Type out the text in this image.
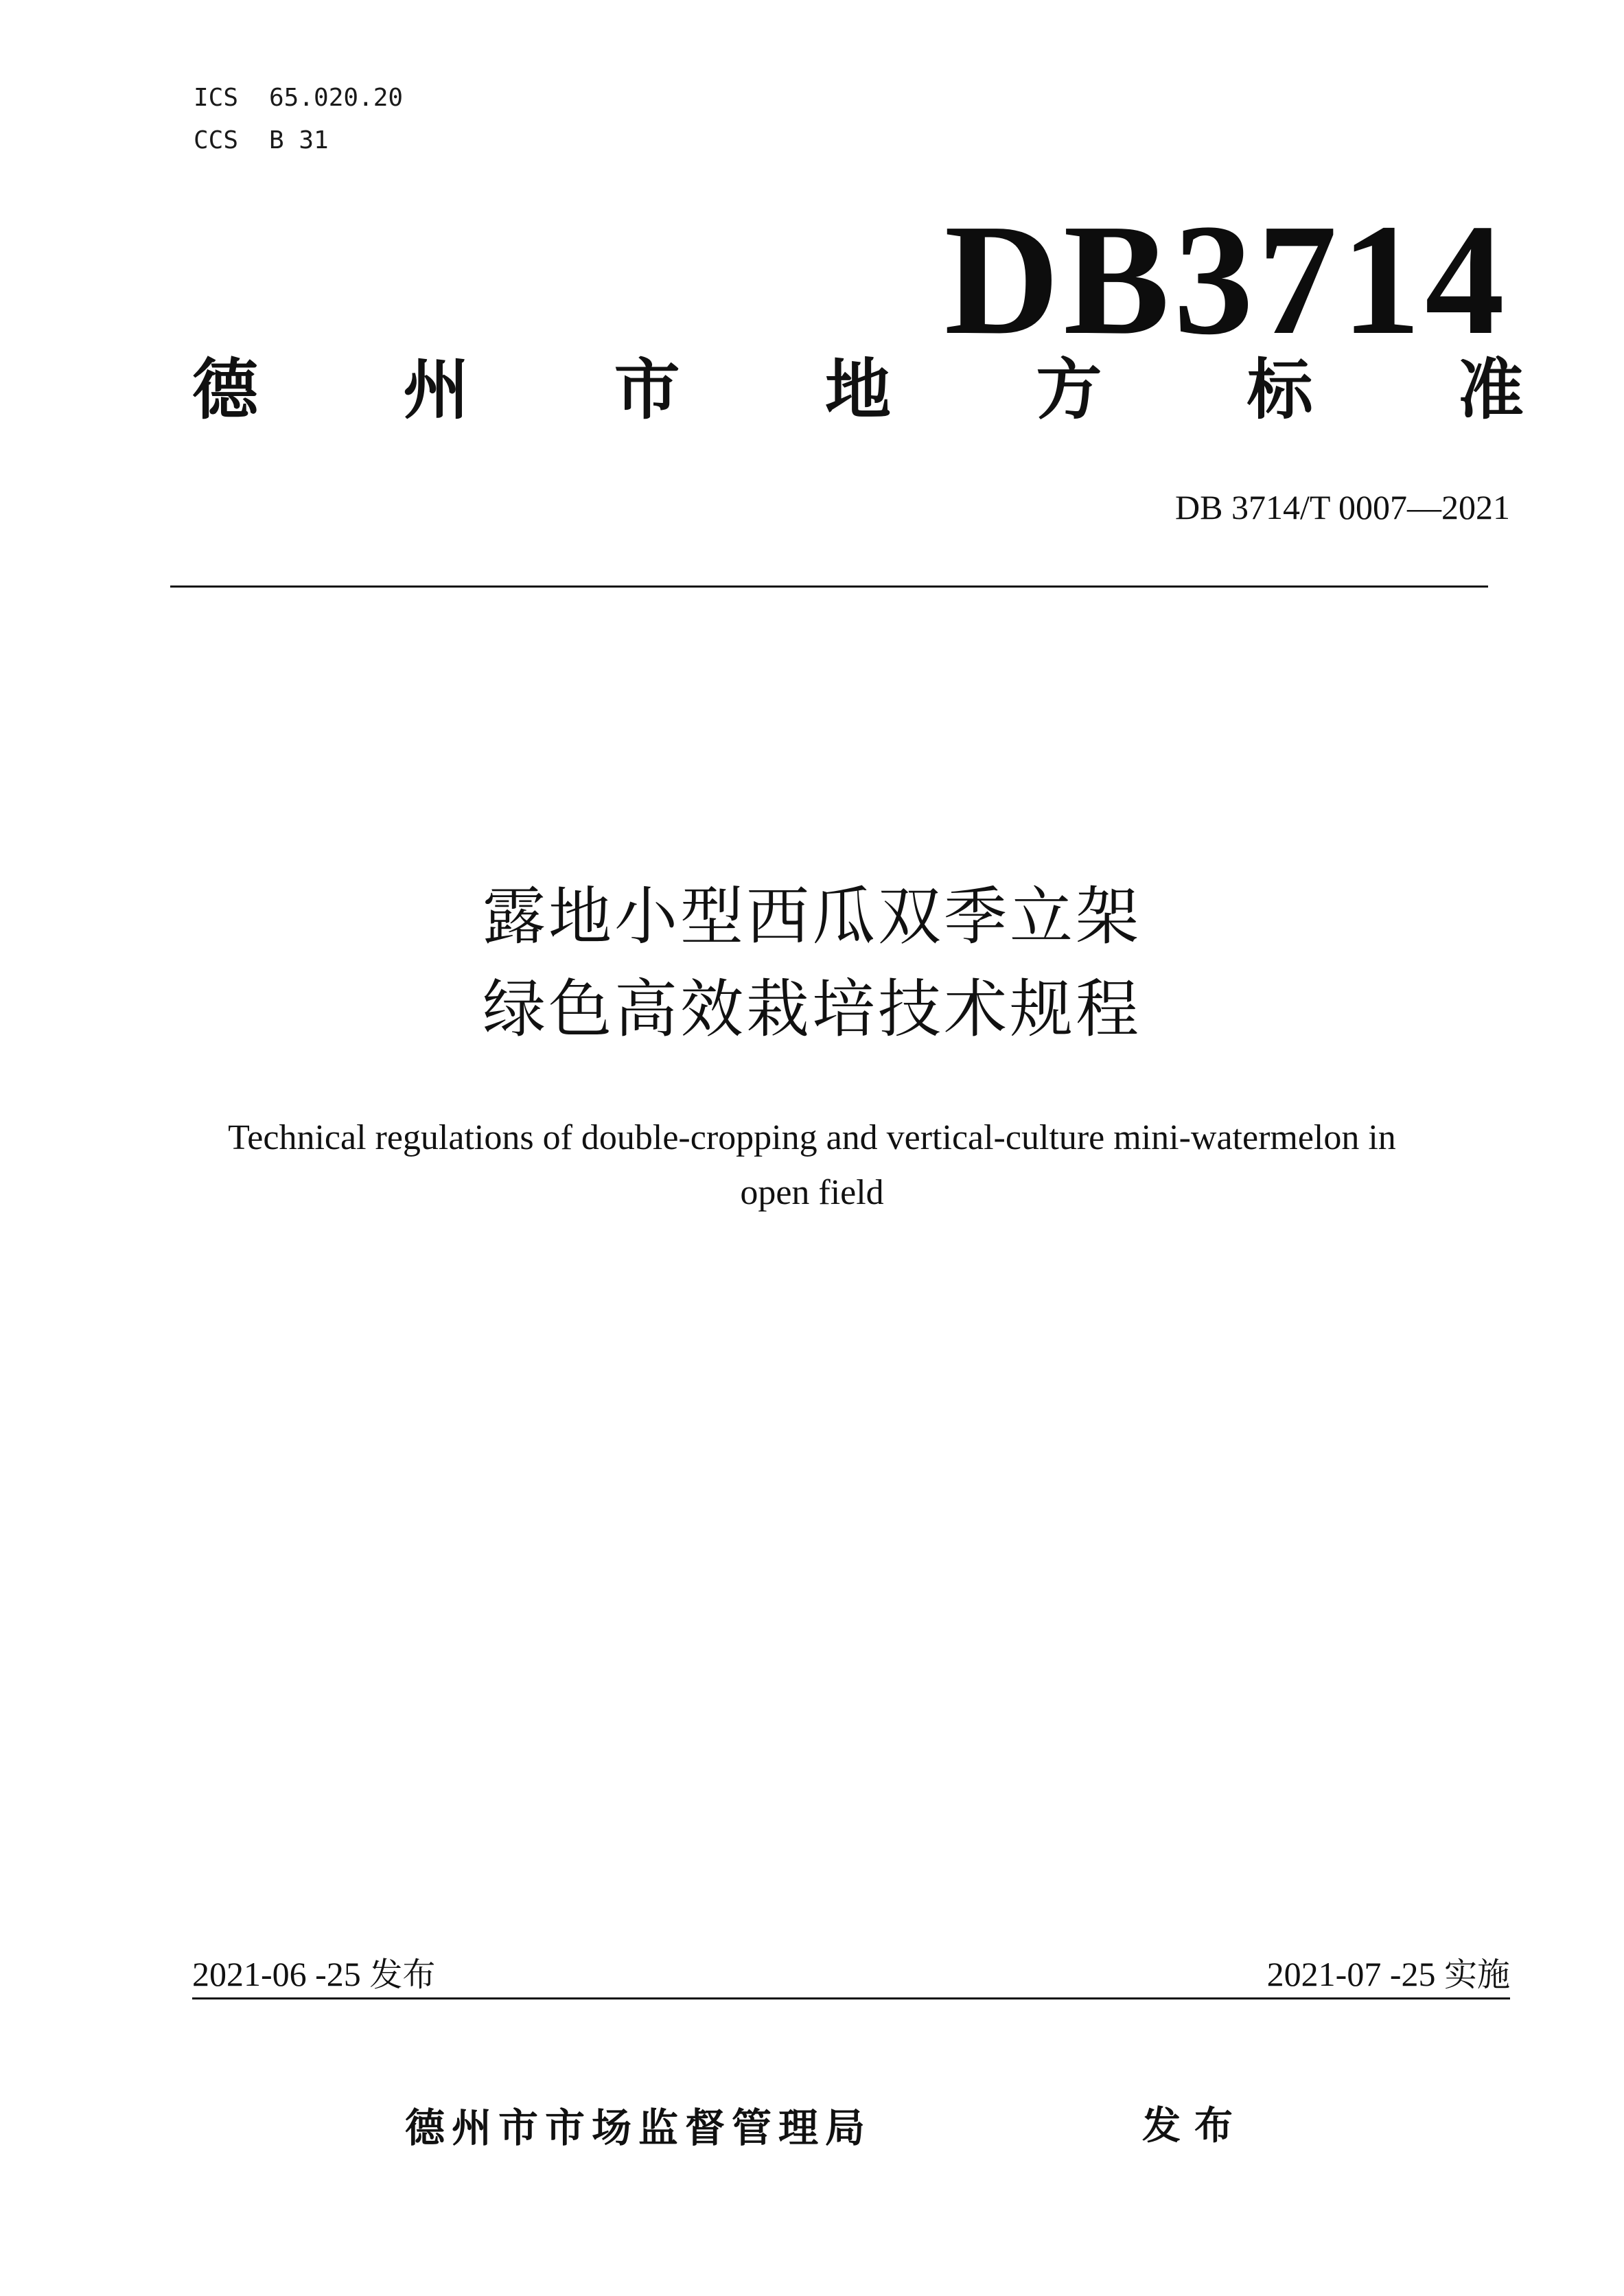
ICS 65.020.20
CCS B 31
DB3714
德 州 市 地 方 标 准
DB 3714/T 0007—2021
露地小型西瓜双季立架
绿色高效栽培技术规程
Technical regulations of double-cropping and vertical-culture mini-watermelon in
open field
2021-06 -25 发布	2021-07 -25 实施
德州市市场监督管理局	发布
